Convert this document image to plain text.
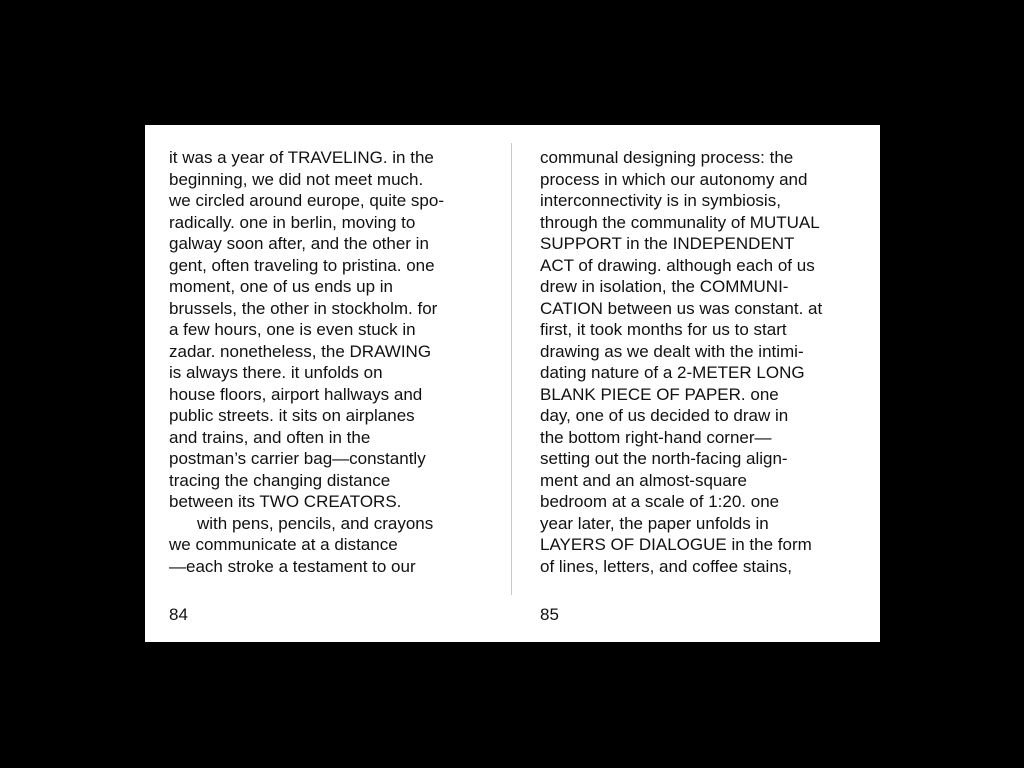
it was a year of TRAVELING. in the
beginning, we did not meet much.
we circled around europe, quite spo-
radically. one in berlin, moving to
galway soon after, and the other in
gent, often traveling to pristina. one
moment, one of us ends up in
brussels, the other in stockholm. for
a few hours, one is even stuck in
zadar. nonetheless, the DRAWING
is always there. it unfolds on
house floors, airport hallways and
public streets. it sits on airplanes
and trains, and often in the
postman’s carrier bag—constantly
tracing the changing distance
between its TWO CREATORS.
with pens, pencils, and crayons
we communicate at a distance
—each stroke a testament to our
communal designing process: the
process in which our autonomy and
interconnectivity is in symbiosis,
through the communality of MUTUAL
SUPPORT in the INDEPENDENT
ACT of drawing. although each of us
drew in isolation, the COMMUNI-
CATION between us was constant. at
first, it took months for us to start
drawing as we dealt with the intimi-
dating nature of a 2-METER LONG
BLANK PIECE OF PAPER. one
day, one of us decided to draw in
the bottom right-hand corner—
setting out the north-facing align-
ment and an almost-square
bedroom at a scale of 1:20. one
year later, the paper unfolds in
LAYERS OF DIALOGUE in the form
of lines, letters, and coffee stains,
84	85
